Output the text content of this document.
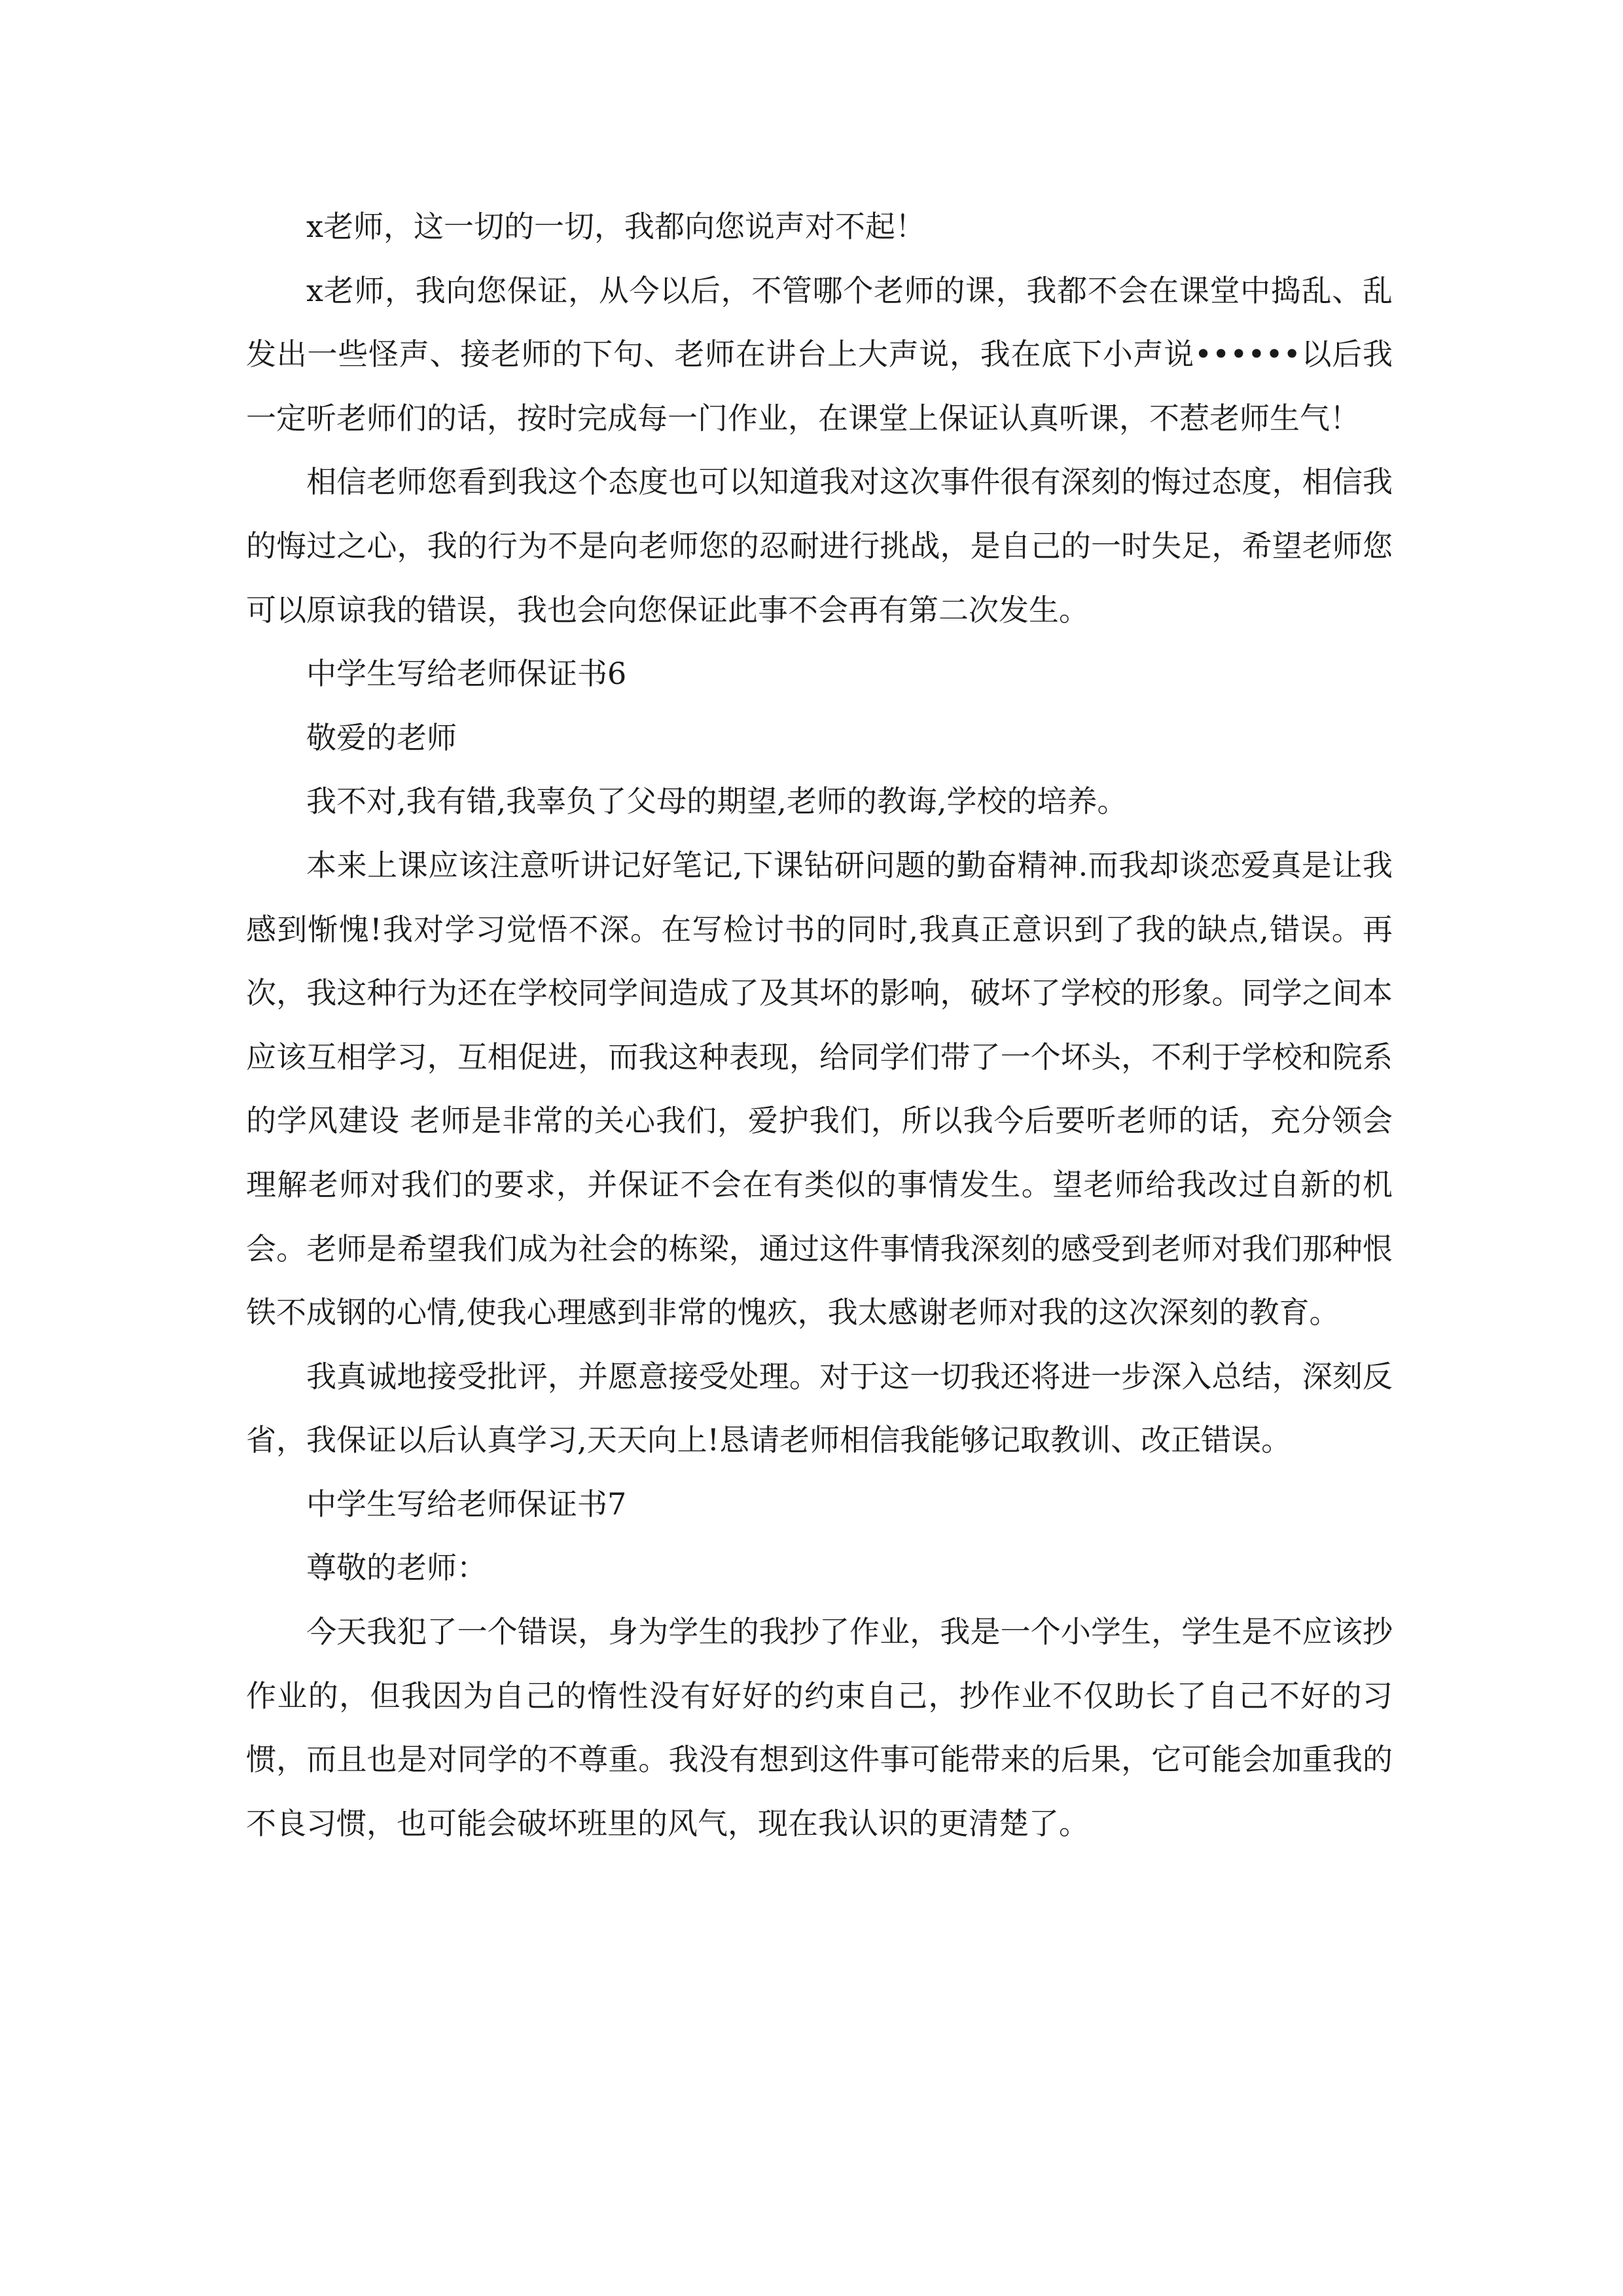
x老师，这一切的一切，我都向您说声对不起！

x老师，我向您保证，从今以后，不管哪个老师的课，我都不会在课堂中捣乱、乱发出一些怪声、接老师的下句、老师在讲台上大声说，我在底下小声说••••••以后我一定听老师们的话，按时完成每一门作业，在课堂上保证认真听课，不惹老师生气！

相信老师您看到我这个态度也可以知道我对这次事件很有深刻的悔过态度，相信我的悔过之心，我的行为不是向老师您的忍耐进行挑战，是自己的一时失足，希望老师您可以原谅我的错误，我也会向您保证此事不会再有第二次发生。

中学生写给老师保证书6

敬爱的老师

我不对,我有错,我辜负了父母的期望,老师的教诲,学校的培养。

本来上课应该注意听讲记好笔记,下课钻研问题的勤奋精神.而我却谈恋爱真是让我感到惭愧!我对学习觉悟不深。在写检讨书的同时,我真正意识到了我的缺点,错误。再次，我这种行为还在学校同学间造成了及其坏的影响，破坏了学校的形象。同学之间本应该互相学习，互相促进，而我这种表现，给同学们带了一个坏头，不利于学校和院系的学风建设 老师是非常的关心我们，爱护我们，所以我今后要听老师的话，充分领会理解老师对我们的要求，并保证不会在有类似的事情发生。望老师给我改过自新的机会。老师是希望我们成为社会的栋梁，通过这件事情我深刻的感受到老师对我们那种恨铁不成钢的心情,使我心理感到非常的愧疚，我太感谢老师对我的这次深刻的教育。

我真诚地接受批评，并愿意接受处理。对于这一切我还将进一步深入总结，深刻反省，我保证以后认真学习,天天向上!恳请老师相信我能够记取教训、改正错误。

中学生写给老师保证书7

尊敬的老师：

今天我犯了一个错误，身为学生的我抄了作业，我是一个小学生，学生是不应该抄作业的，但我因为自己的惰性没有好好的约束自己，抄作业不仅助长了自己不好的习惯，而且也是对同学的不尊重。我没有想到这件事可能带来的后果，它可能会加重我的不良习惯，也可能会破坏班里的风气，现在我认识的更清楚了。
